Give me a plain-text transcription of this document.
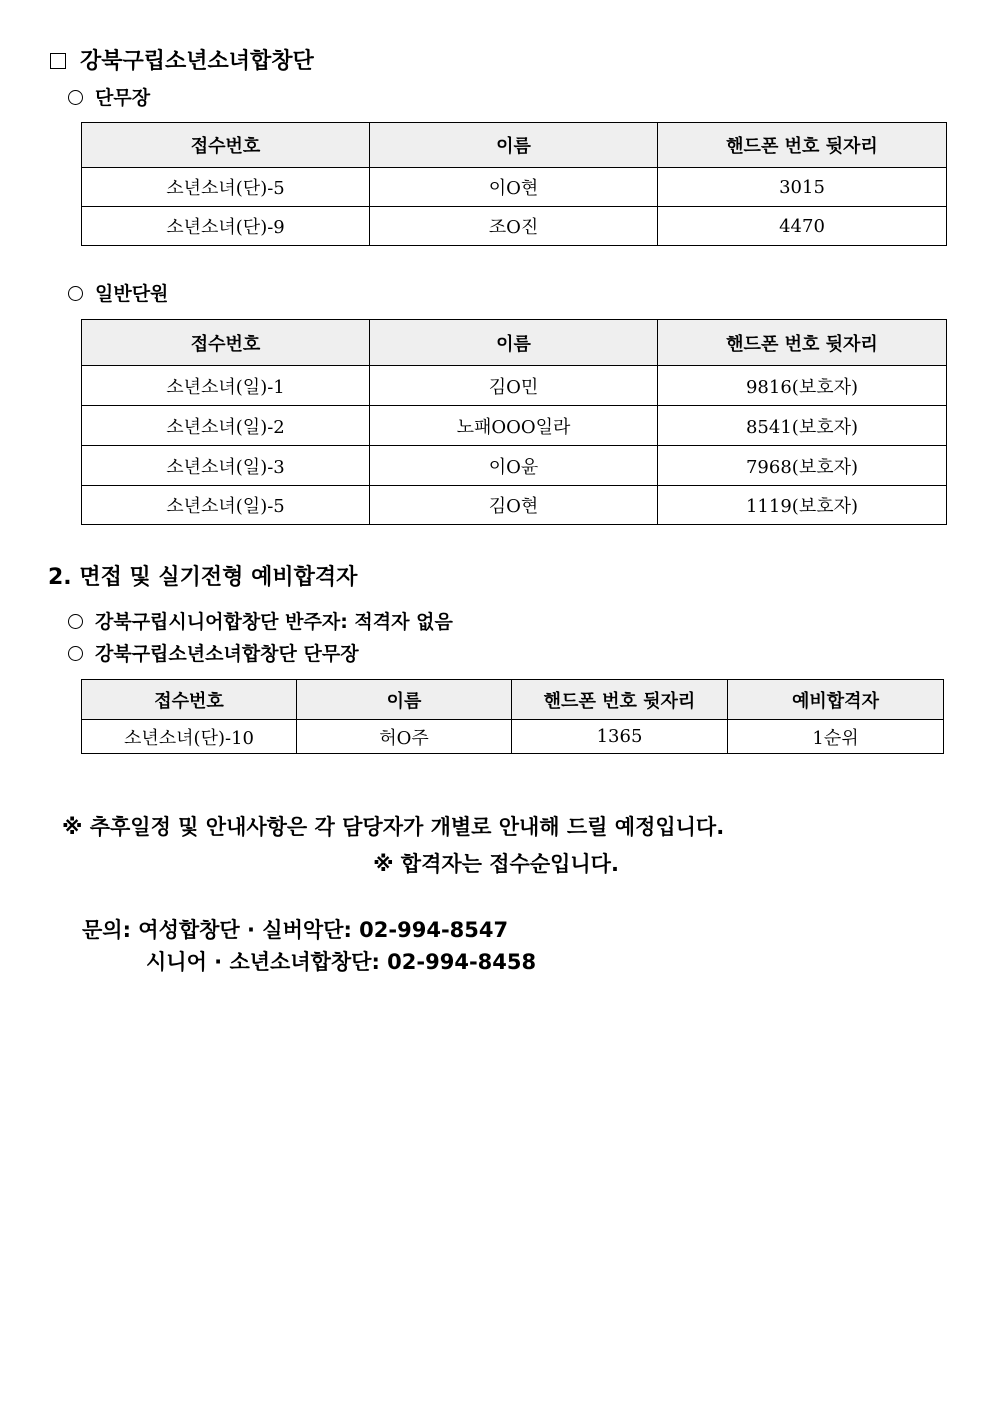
강북구립소년소녀합창단
단무장
접수번호	이름	핸드폰 번호 뒷자리
소년소녀(단)-5	이O현	3015
소년소녀(단)-9	조O진	4470
일반단원
접수번호	이름	핸드폰 번호 뒷자리
소년소녀(일)-1	김O민	9816(보호자)
소년소녀(일)-2	노패OOO일라	8541(보호자)
소년소녀(일)-3	이O윤	7968(보호자)
소년소녀(일)-5	김O현	1119(보호자)
2. 면접 및 실기전형 예비합격자
강북구립시니어합창단 반주자: 적격자 없음
강북구립소년소녀합창단 단무장
접수번호	이름	핸드폰 번호 뒷자리	예비합격자
소년소녀(단)-10	허O주	1365	1순위
※ 추후일정 및 안내사항은 각 담당자가 개별로 안내해 드릴 예정입니다.
※ 합격자는 접수순입니다.
문의: 여성합창단 · 실버악단: 02-994-8547
시니어 · 소년소녀합창단: 02-994-8458
